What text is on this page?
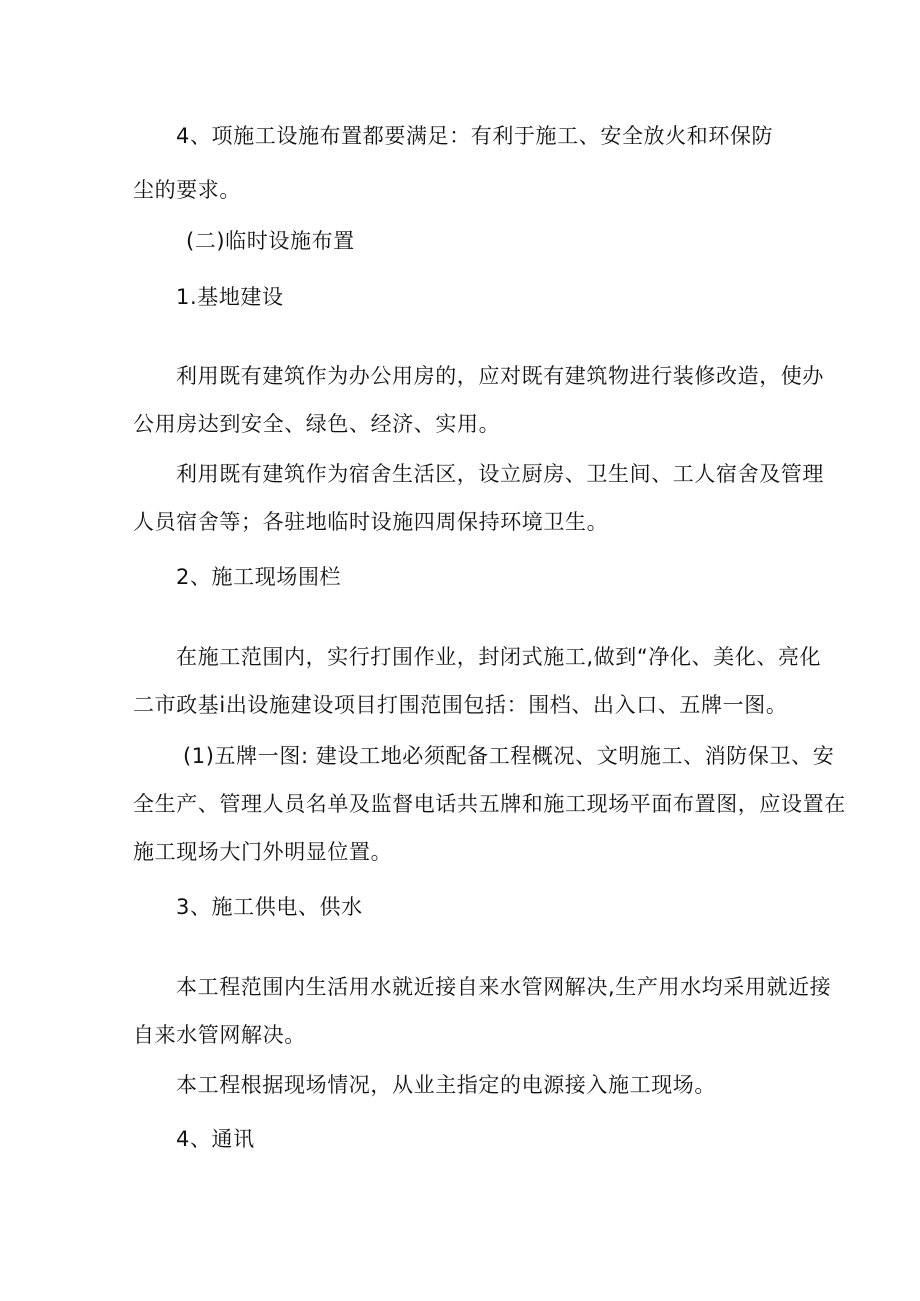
4、项施工设施布置都要满足：有利于施工、安全放火和环保防
尘的要求。
(二)临时设施布置
1.基地建设
利用既有建筑作为办公用房的，应对既有建筑物进行装修改造，使办
公用房达到安全、绿色、经济、实用。
利用既有建筑作为宿舍生活区，设立厨房、卫生间、工人宿舍及管理
人员宿舍等；各驻地临时设施四周保持环境卫生。
2、施工现场围栏
在施工范围内，实行打围作业，封闭式施工,做到“净化、美化、亮化
二市政基i出设施建设项目打围范围包括：围档、出入口、五牌一图。
(1)五牌一图: 建设工地必须配备工程概况、文明施工、消防保卫、安
全生产、管理人员名单及监督电话共五牌和施工现场平面布置图，应设置在
施工现场大门外明显位置。
3、施工供电、供水
本工程范围内生活用水就近接自来水管网解决,生产用水均采用就近接
自来水管网解决。
本工程根据现场情况，从业主指定的电源接入施工现场。
4、通讯
